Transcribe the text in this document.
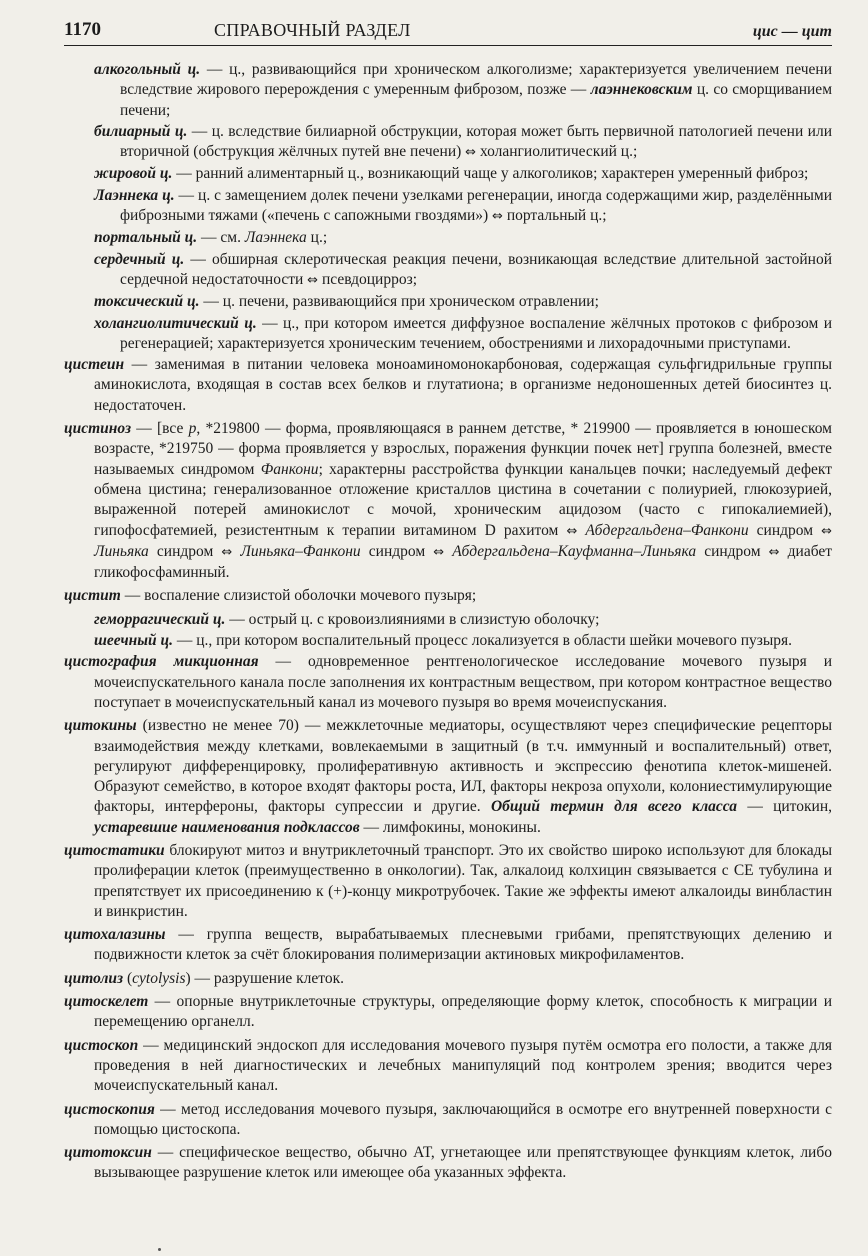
1170	СПРАВОЧНЫЙ РАЗДЕЛ	цис — цит

алкогольный ц. — ц., развивающийся при хроническом алкоголизме; характеризуется увеличением печени вследствие жирового перерождения с умеренным фиброзом, позже — лаэннековским ц. со сморщиванием печени;

билиарный ц. — ц. вследствие билиарной обструкции, которая может быть первичной патологией печени или вторичной (обструкция жёлчных путей вне печени) ⇔ холангиолитический ц.;

жировой ц. — ранний алиментарный ц., возникающий чаще у алкоголиков; характерен умеренный фиброз;

Лаэннека ц. — ц. с замещением долек печени узелками регенерации, иногда содержащими жир, разделёнными фиброзными тяжами («печень с сапожными гвоздями») ⇔ портальный ц.;

портальный ц. — см. Лаэннека ц.;

сердечный ц. — обширная склеротическая реакция печени, возникающая вследствие длительной застойной сердечной недостаточности ⇔ псевдоцирроз;

токсический ц. — ц. печени, развивающийся при хроническом отравлении;

холангиолитический ц. — ц., при котором имеется диффузное воспаление жёлчных протоков с фиброзом и регенерацией; характеризуется хроническим течением, обострениями и лихорадочными приступами.

цистеин — заменимая в питании человека моноаминомонокарбоновая, содержащая сульфгидрильные группы аминокислота, входящая в состав всех белков и глутатиона; в организме недоношенных детей биосинтез ц. недостаточен.

цистиноз — [все р, *219800 — форма, проявляющаяся в раннем детстве, * 219900 — проявляется в юношеском возрасте, *219750 — форма проявляется у взрослых, поражения функции почек нет] группа болезней, вместе называемых синдромом Фанкони; характерны расстройства функции канальцев почки; наследуемый дефект обмена цистина; генерализованное отложение кристаллов цистина в сочетании с полиурией, глюкозурией, выраженной потерей аминокислот с мочой, хроническим ацидозом (часто с гипокалиемией), гипофосфатемией, резистентным к терапии витамином D рахитом ⇔ Абдергальдена–Фанкони синдром ⇔ Линьяка синдром ⇔ Линьяка–Фанкони синдром ⇔ Абдергальдена–Кауфманна–Линьяка синдром ⇔ диабет гликофосфаминный.

цистит — воспаление слизистой оболочки мочевого пузыря;

геморрагический ц. — острый ц. с кровоизлияниями в слизистую оболочку;

шеечный ц. — ц., при котором воспалительный процесс локализуется в области шейки мочевого пузыря.

цистография микционная — одновременное рентгенологическое исследование мочевого пузыря и мочеиспускательного канала после заполнения их контрастным веществом, при котором контрастное вещество поступает в мочеиспускательный канал из мочевого пузыря во время мочеиспускания.

цитокины (известно не менее 70) — межклеточные медиаторы, осуществляют через специфические рецепторы взаимодействия между клетками, вовлекаемыми в защитный (в т.ч. иммунный и воспалительный) ответ, регулируют дифференцировку, пролиферативную активность и экспрессию фенотипа клеток-мишеней. Образуют семейство, в которое входят факторы роста, ИЛ, факторы некроза опухоли, колониестимулирующие факторы, интерфероны, факторы супрессии и другие. Общий термин для всего класса — цитокин, устаревшие наименования подклассов — лимфокины, монокины.

цитостатики блокируют митоз и внутриклеточный транспорт. Это их свойство широко используют для блокады пролиферации клеток (преимущественно в онкологии). Так, алкалоид колхицин связывается с СЕ тубулина и препятствует их присоединению к (+)-концу микротрубочек. Такие же эффекты имеют алкалоиды винбластин и винкристин.

цитохалазины — группа веществ, вырабатываемых плесневыми грибами, препятствующих делению и подвижности клеток за счёт блокирования полимеризации актиновых микрофиламентов.

цитолиз (cytolysis) — разрушение клеток.

цитоскелет — опорные внутриклеточные структуры, определяющие форму клеток, способность к миграции и перемещению органелл.

цистоскоп — медицинский эндоскоп для исследования мочевого пузыря путём осмотра его полости, а также для проведения в ней диагностических и лечебных манипуляций под контролем зрения; вводится через мочеиспускательный канал.

цистоскопия — метод исследования мочевого пузыря, заключающийся в осмотре его внутренней поверхности с помощью цистоскопа.

цитотоксин — специфическое вещество, обычно АТ, угнетающее или препятствующее функциям клеток, либо вызывающее разрушение клеток или имеющее оба указанных эффекта.
